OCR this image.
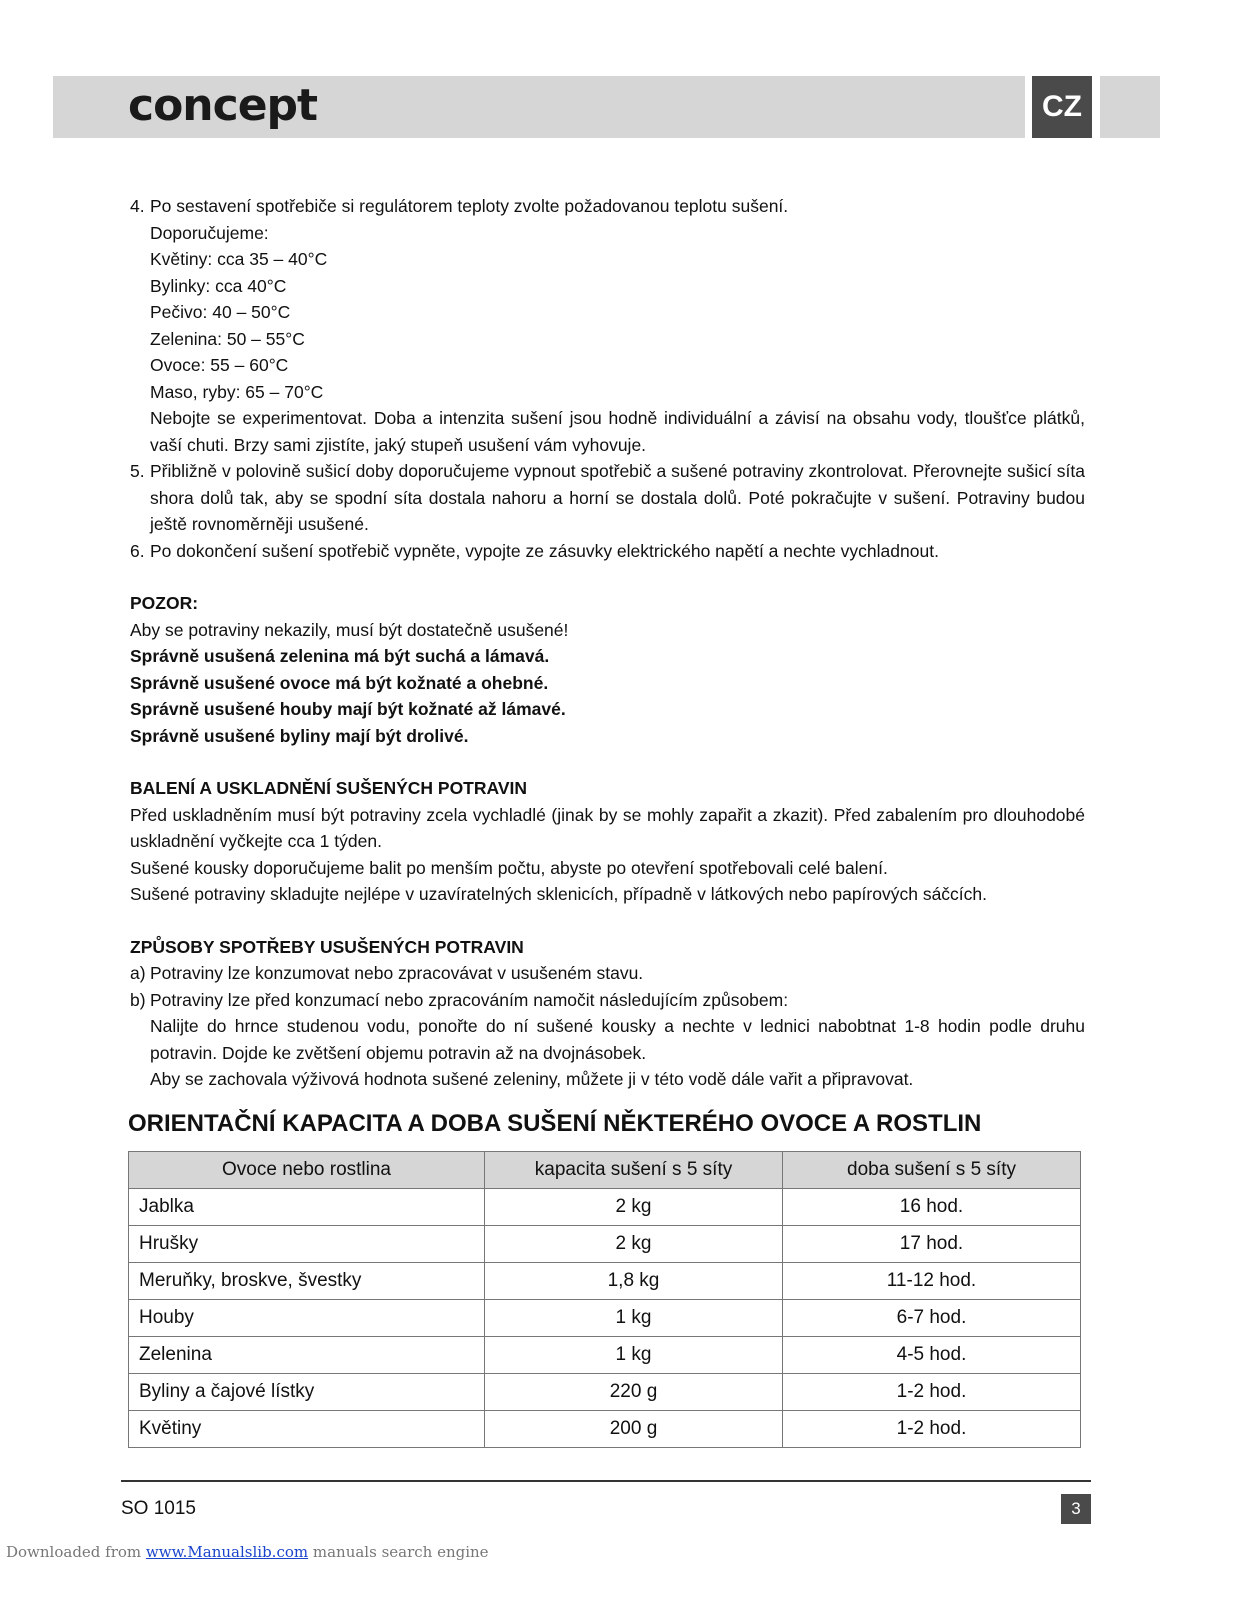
concept	CZ
4. Po sestavení spotřebiče si regulátorem teploty zvolte požadovanou teplotu sušení.

Doporučujeme:

Květiny: cca 35 – 40°C

Bylinky: cca 40°C

Pečivo: 40 – 50°C

Zelenina: 50 – 55°C

Ovoce: 55 – 60°C

Maso, ryby: 65 – 70°C

Nebojte se experimentovat. Doba a intenzita sušení jsou hodně individuální a závisí na obsahu vody, tloušťce plátků, vaší chuti. Brzy sami zjistíte, jaký stupeň usušení vám vyhovuje.

5. Přibližně v polovině sušicí doby doporučujeme vypnout spotřebič a sušené potraviny zkontrolovat. Přerovnejte sušicí síta shora dolů tak, aby se spodní síta dostala nahoru a horní se dostala dolů. Poté pokračujte v sušení. Potraviny budou ještě rovnoměrněji usušené.

6. Po dokončení sušení spotřebič vypněte, vypojte ze zásuvky elektrického napětí a nechte vychladnout.

POZOR:

Aby se potraviny nekazily, musí být dostatečně usušené!

Správně usušená zelenina má být suchá a lámavá.

Správně usušené ovoce má být kožnaté a ohebné.

Správně usušené houby mají být kožnaté až lámavé.

Správně usušené byliny mají být drolivé.

BALENÍ A USKLADNĚNÍ SUŠENÝCH POTRAVIN

Před uskladněním musí být potraviny zcela vychladlé (jinak by se mohly zapařit a zkazit). Před zabalením pro dlouhodobé uskladnění vyčkejte cca 1 týden.

Sušené kousky doporučujeme balit po menším počtu, abyste po otevření spotřebovali celé balení.

Sušené potraviny skladujte nejlépe v uzavíratelných sklenicích, případně v látkových nebo papírových sáčcích.

ZPŮSOBY SPOTŘEBY USUŠENÝCH POTRAVIN

a) Potraviny lze konzumovat nebo zpracovávat v usušeném stavu.

b) Potraviny lze před konzumací nebo zpracováním namočit následujícím způsobem:

Nalijte do hrnce studenou vodu, ponořte do ní sušené kousky a nechte v lednici nabobtnat 1-8 hodin podle druhu potravin. Dojde ke zvětšení objemu potravin až na dvojnásobek.

Aby se zachovala výživová hodnota sušené zeleniny, můžete ji v této vodě dále vařit a připravovat.

ORIENTAČNÍ KAPACITA A DOBA SUŠENÍ NĚKTERÉHO OVOCE A ROSTLIN
Ovoce nebo rostlina	kapacita sušení s 5 síty	doba sušení s 5 síty
Jablka	2 kg	16 hod.
Hrušky	2 kg	17 hod.
Meruňky, broskve, švestky	1,8 kg	11-12 hod.
Houby	1 kg	6-7 hod.
Zelenina	1 kg	4-5 hod.
Byliny a čajové lístky	220 g	1-2 hod.
Květiny	200 g	1-2 hod.
SO 1015	3
Downloaded from www.Manualslib.com manuals search engine
